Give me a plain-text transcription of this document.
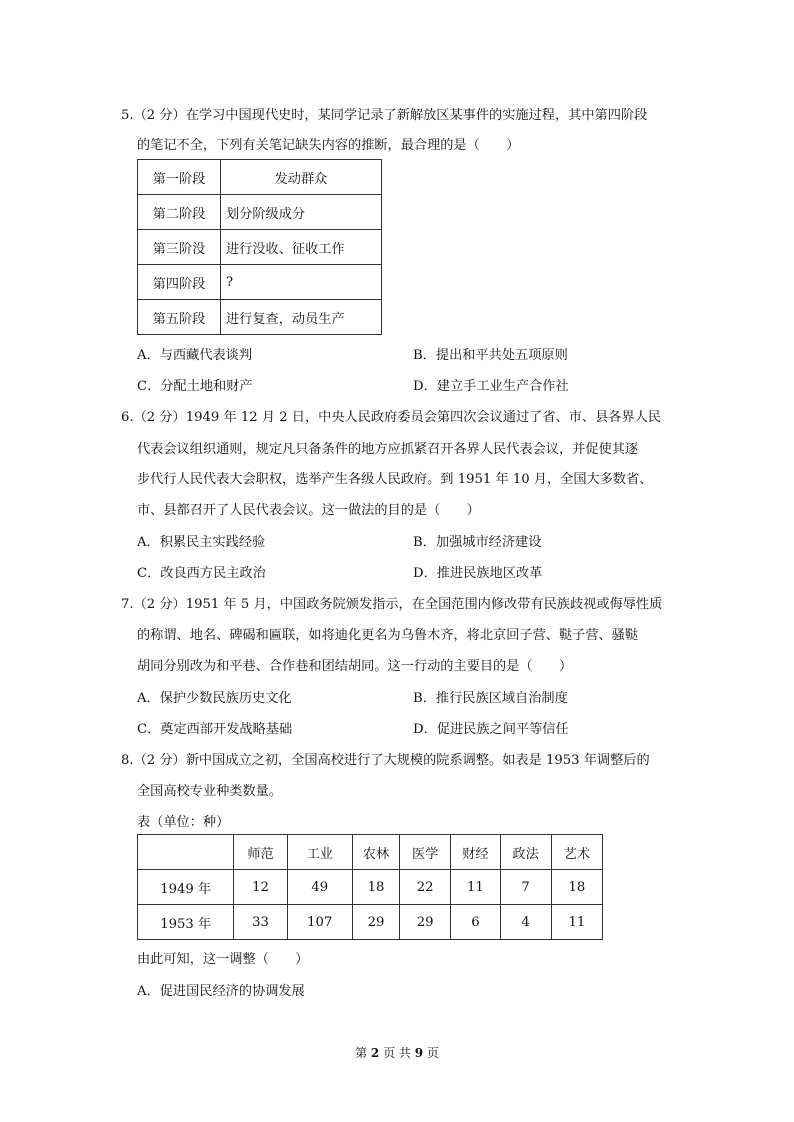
5.（2 分）在学习中国现代史时，某同学记录了新解放区某事件的实施过程，其中第四阶段
的笔记不全，下列有关笔记缺失内容的推断，最合理的是（　　）
第一阶段	发动群众
第二阶段	划分阶级成分
第三阶没	进行没收、征收工作
第四阶段	?
第五阶段	进行复查，动员生产
A．与西藏代表谈判	B．提出和平共处五项原则
C．分配土地和财产	D．建立手工业生产合作社
6.（2 分）1949 年 12 月 2 日，中央人民政府委员会第四次会议通过了省、市、县各界人民
代表会议组织通则，规定凡只备条件的地方应抓紧召开各界人民代表会议，并促使其逐
步代行人民代表大会职权，选举产生各级人民政府。到 1951 年 10 月，全国大多数省、
市、县都召开了人民代表会议。这一做法的目的是（　　）
A．积累民主实践经验	B．加强城市经济建设
C．改良西方民主政治	D．推进民族地区改革
7.（2 分）1951 年 5 月，中国政务院颁发指示，在全国范围内修改带有民族歧视或侮辱性质
的称谓、地名、碑碣和匾联，如将迪化更名为乌鲁木齐，将北京回子营、鞑子营、骚鞑
胡同分别改为和平巷、合作巷和团结胡同。这一行动的主要目的是（　　）
A．保护少数民族历史文化	B．推行民族区域自治制度
C．奠定西部开发战略基础	D．促进民族之间平等信任
8.（2 分）新中国成立之初，全国高校进行了大规模的院系调整。如表是 1953 年调整后的
全国高校专业种类数量。
表（单位：种）
	师范	工业	农林	医学	财经	政法	艺术
1949 年	12	49	18	22	11	7	18
1953 年	33	107	29	29	6	4	11
由此可知，这一调整（　　）
A．促进国民经济的协调发展
第 2 页 共 9 页
